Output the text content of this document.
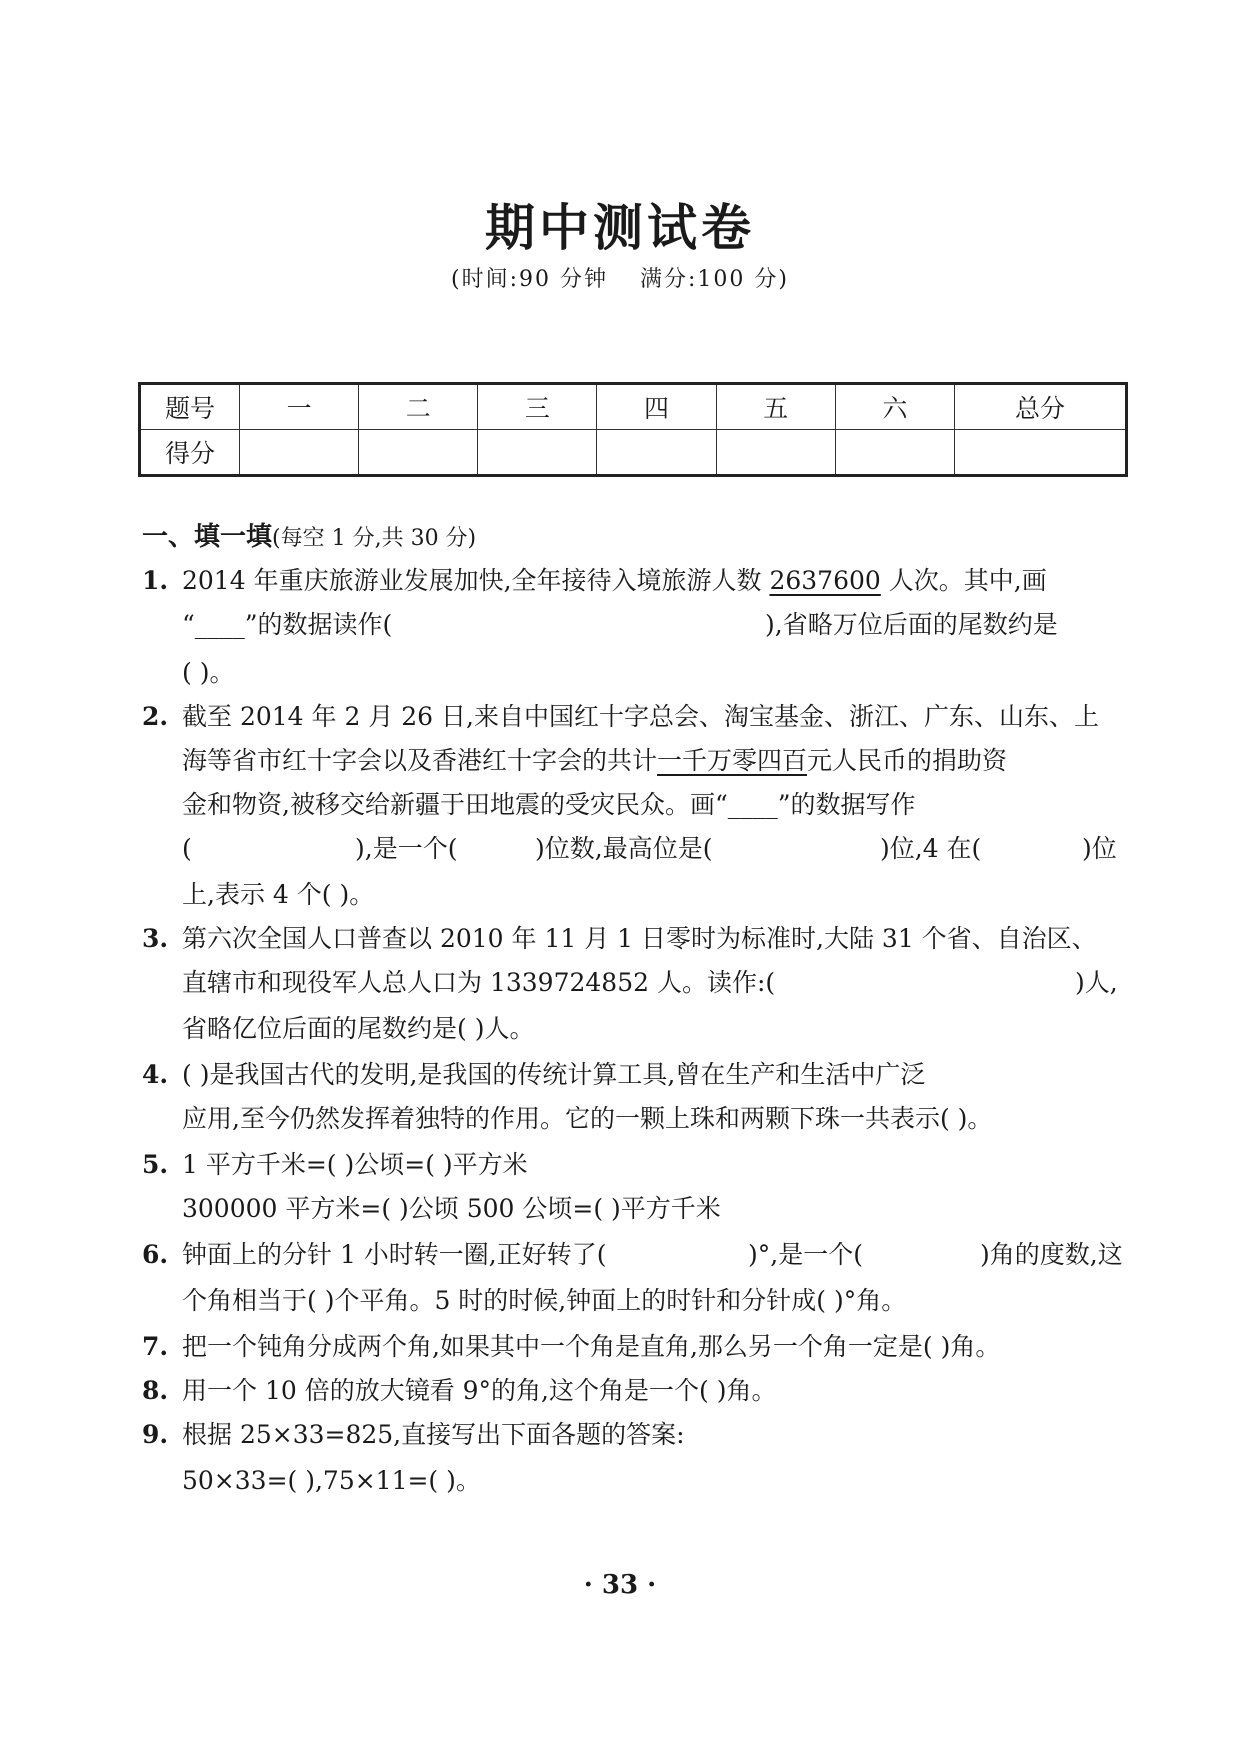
期中测试卷
(时间:90 分钟 满分:100 分)
题号	一	二	三	四	五	六	总分
得分							
一、填一填(每空 1 分,共 30 分)
1. 2014 年重庆旅游业发展加快,全年接待入境旅游人数 2637600 人次。其中,画
“____”的数据读作(	),省略万位后面的尾数约是
( )。
2. 截至 2014 年 2 月 26 日,来自中国红十字总会、淘宝基金、浙江、广东、山东、上
海等省市红十字会以及香港红十字会的共计一千万零四百元人民币的捐助资
金和物资,被移交给新疆于田地震的受灾民众。画“____”的数据写作
(	),是一个(	)位数,最高位是(	)位,4 在(	)位
上,表示 4 个( )。
3. 第六次全国人口普查以 2010 年 11 月 1 日零时为标准时,大陆 31 个省、自治区、
直辖市和现役军人总人口为 1339724852 人。读作:(	)人,
省略亿位后面的尾数约是( )人。
4. ( )是我国古代的发明,是我国的传统计算工具,曾在生产和生活中广泛
应用,至今仍然发挥着独特的作用。它的一颗上珠和两颗下珠一共表示( )。
5. 1 平方千米=( )公顷=( )平方米
300000 平方米=( )公顷 500 公顷=( )平方千米
6. 钟面上的分针 1 小时转一圈,正好转了(	)°,是一个(	)角的度数,这
个角相当于( )个平角。5 时的时候,钟面上的时针和分针成( )°角。
7. 把一个钝角分成两个角,如果其中一个角是直角,那么另一个角一定是( )角。
8. 用一个 10 倍的放大镜看 9°的角,这个角是一个( )角。
9. 根据 25×33=825,直接写出下面各题的答案:
50×33=( ),75×11=( )。
· 33 ·
